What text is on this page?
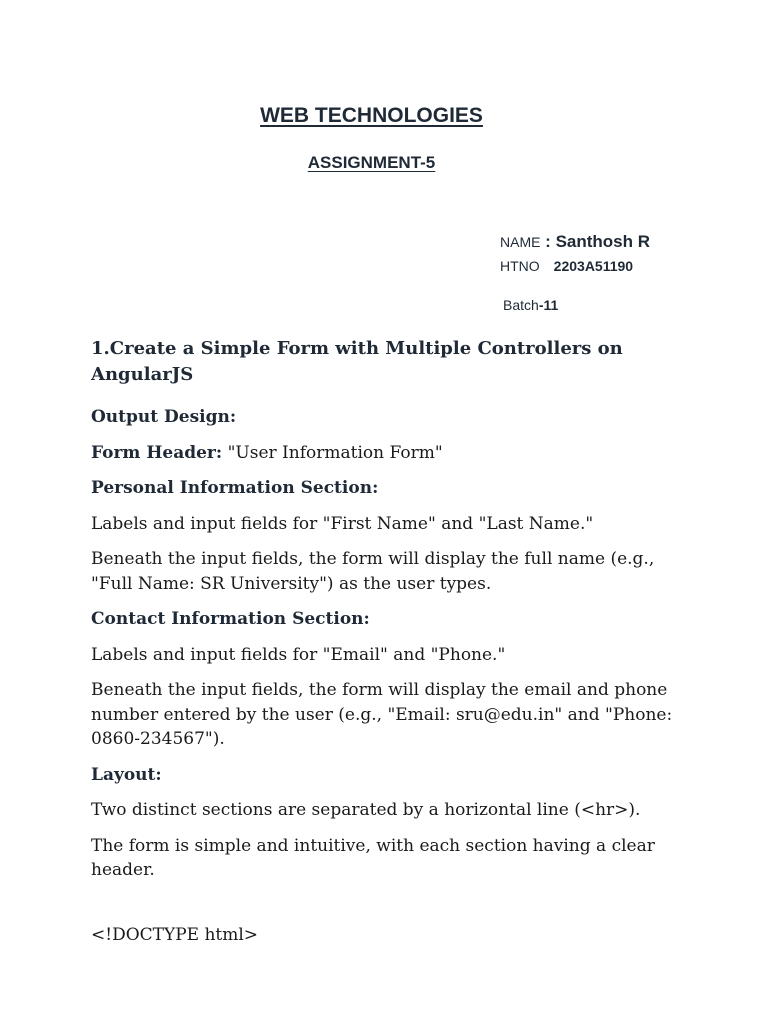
WEB TECHNOLOGIES
ASSIGNMENT-5
NAME : Santhosh R
HTNO 2203A51190
Batch-11

1.Create a Simple Form with Multiple Controllers on AngularJS

Output Design:

Form Header: "User Information Form"

Personal Information Section:

Labels and input fields for "First Name" and "Last Name."

Beneath the input fields, the form will display the full name (e.g., "Full Name: SR University") as the user types.

Contact Information Section:

Labels and input fields for "Email" and "Phone."

Beneath the input fields, the form will display the email and phone number entered by the user (e.g., "Email: sru@edu.in" and "Phone: 0860-234567").

Layout:

Two distinct sections are separated by a horizontal line (<hr>).

The form is simple and intuitive, with each section having a clear header.

<!DOCTYPE html>
